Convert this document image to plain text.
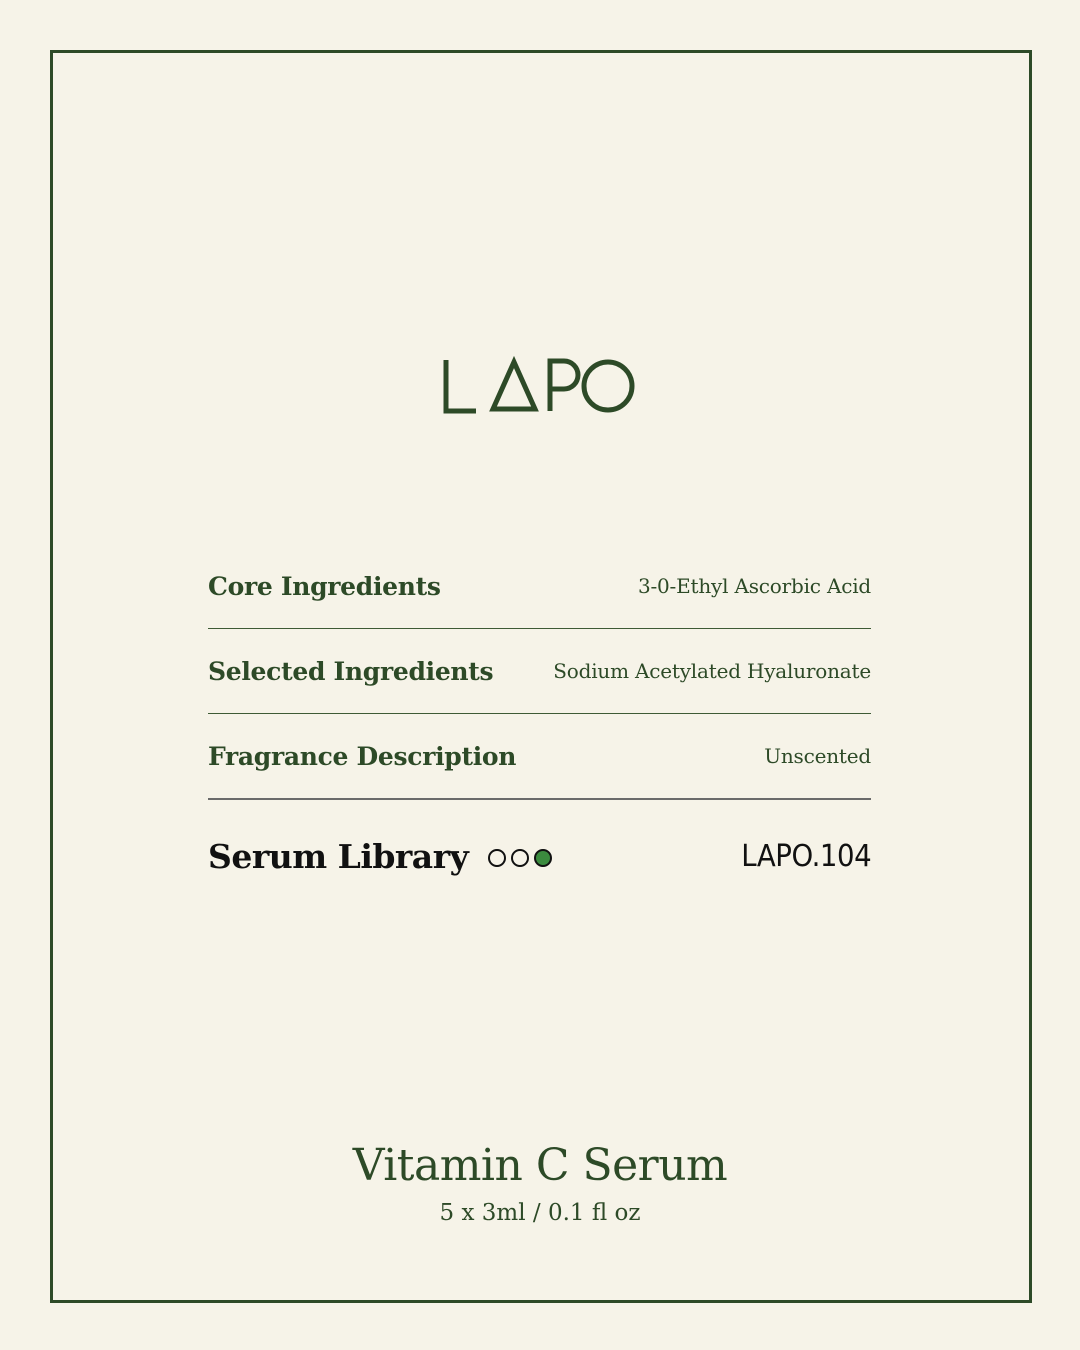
Core Ingredients	3-0-Ethyl Ascorbic Acid
Selected Ingredients	Sodium Acetylated Hyaluronate
Fragrance Description	Unscented
Serum Library	LAPO.104
Vitamin C Serum
5 x 3ml / 0.1 fl oz
